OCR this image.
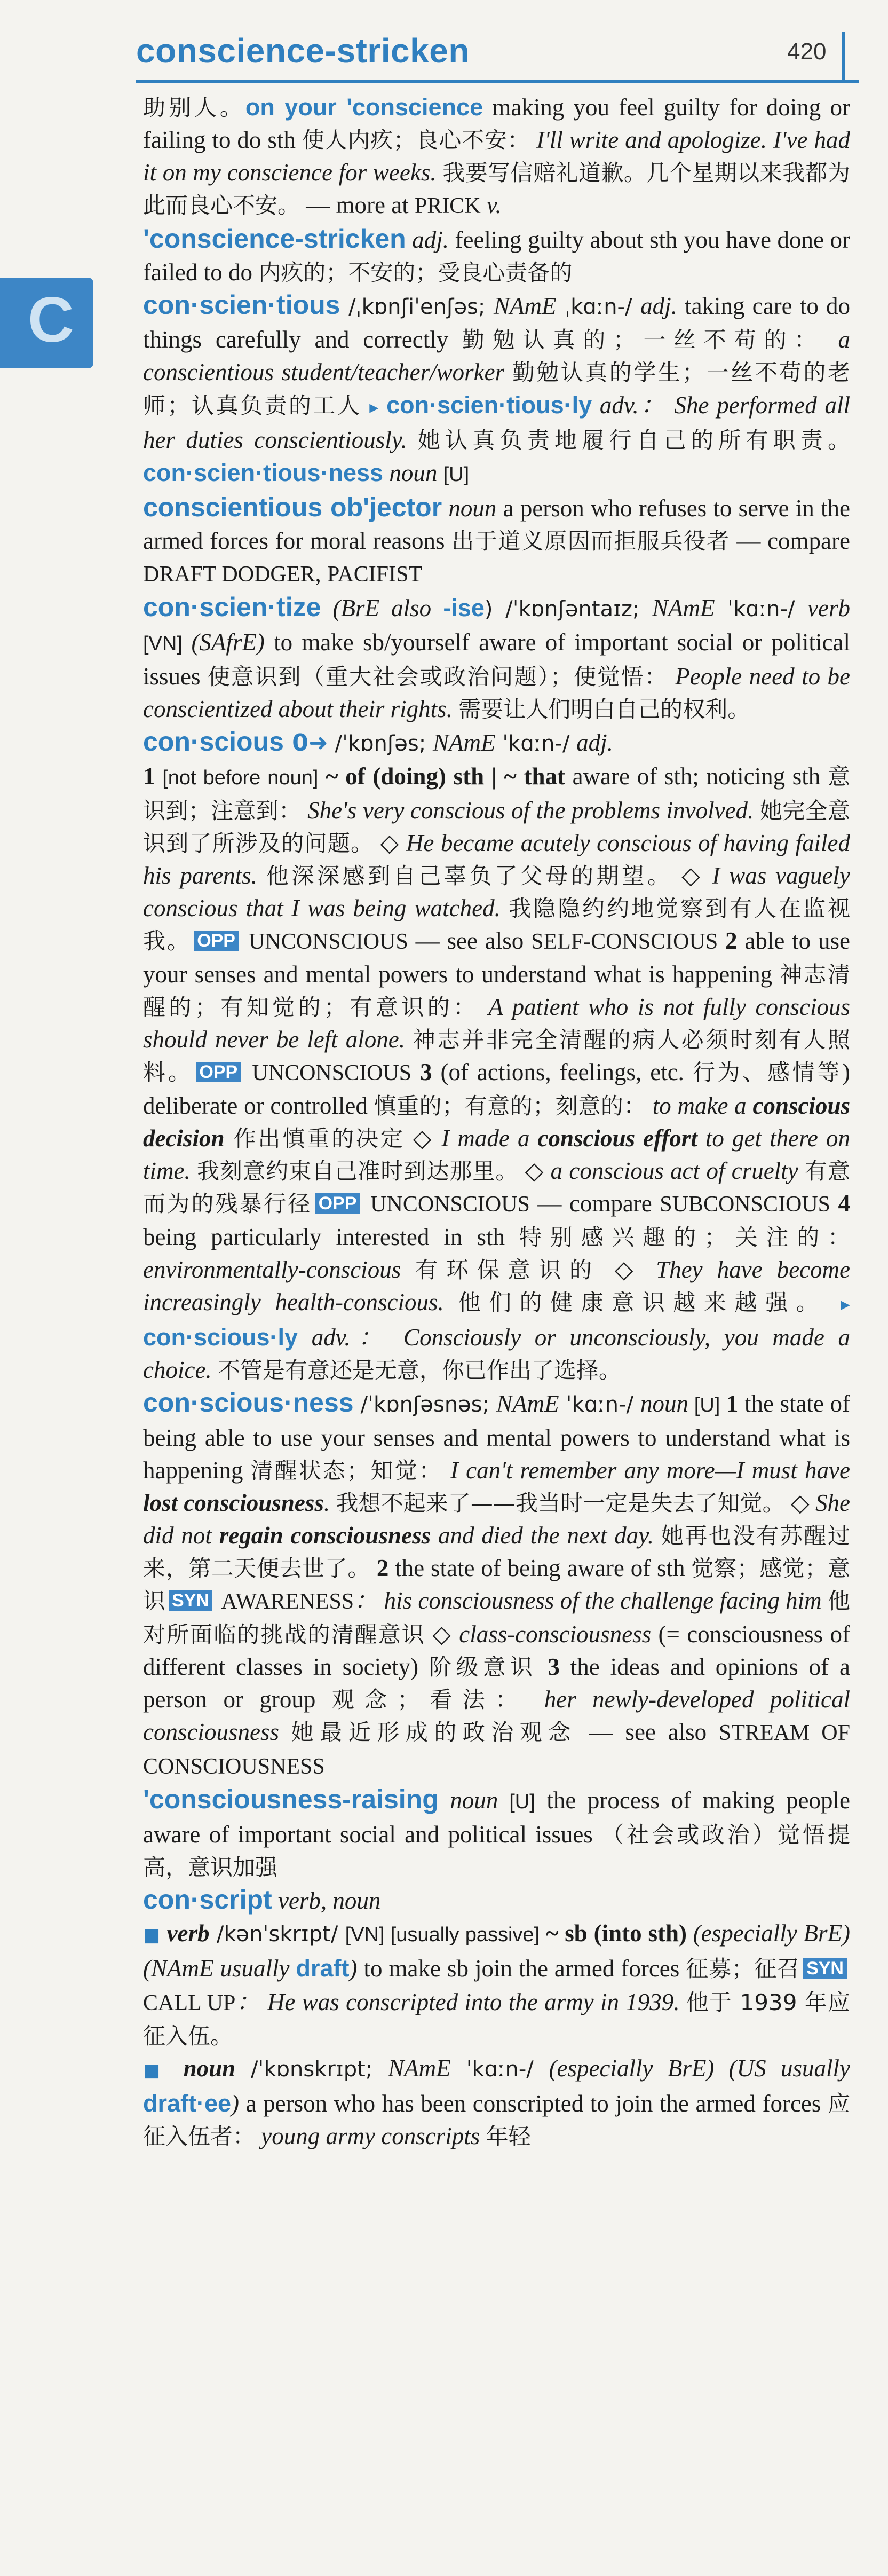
conscience-stricken	420
C

助别人。on your 'conscience making you feel guilty for doing or failing to do sth 使人内疚；良心不安： I'll write and apologize. I've had it on my conscience for weeks. 我要写信赔礼道歉。几个星期以来我都为此而良心不安。 — more at PRICK v.

'conscience-stricken adj. feeling guilty about sth you have done or failed to do 内疚的；不安的；受良心责备的

con·scien·tious /ˌkɒnʃiˈenʃəs; NAmE ˌkɑːn-/ adj. taking care to do things carefully and correctly 勤勉认真的；一丝不苟的： a conscientious student/teacher/worker 勤勉认真的学生；一丝不苟的老师；认真负责的工人 ▸ con·scien·tious·ly adv.： She performed all her duties conscientiously. 她认真负责地履行自己的所有职责。 con·scien·tious·ness noun [U]

conscientious ob'jector noun a person who refuses to serve in the armed forces for moral reasons 出于道义原因而拒服兵役者 — compare DRAFT DODGER, PACIFIST

con·scien·tize (BrE also -ise) /ˈkɒnʃəntaɪz; NAmE ˈkɑːn-/ verb [VN] (SAfrE) to make sb/yourself aware of important social or political issues 使意识到（重大社会或政治问题）；使觉悟： People need to be conscientized about their rights. 需要让人们明白自己的权利。

con·scious 0➜ /ˈkɒnʃəs; NAmE ˈkɑːn-/ adj.
1 [not before noun] ~ of (doing) sth | ~ that aware of sth; noticing sth 意识到；注意到： She's very conscious of the problems involved. 她完全意识到了所涉及的问题。 ◇ He became acutely conscious of having failed his parents. 他深深感到自己辜负了父母的期望。 ◇ I was vaguely conscious that I was being watched. 我隐隐约约地觉察到有人在监视我。 OPP UNCONSCIOUS — see also SELF-CONSCIOUS 2 able to use your senses and mental powers to understand what is happening 神志清醒的；有知觉的；有意识的： A patient who is not fully conscious should never be left alone. 神志并非完全清醒的病人必须时刻有人照料。 OPP UNCONSCIOUS 3 (of actions, feelings, etc. 行为、感情等) deliberate or controlled 慎重的；有意的；刻意的： to make a conscious decision 作出慎重的决定 ◇ I made a conscious effort to get there on time. 我刻意约束自己准时到达那里。 ◇ a conscious act of cruelty 有意而为的残暴行径 OPP UNCONSCIOUS — compare SUBCONSCIOUS 4 being particularly interested in sth 特别感兴趣的；关注的： environmentally-conscious 有环保意识的 ◇ They have become increasingly health-conscious. 他们的健康意识越来越强。 ▸ con·scious·ly adv.： Consciously or unconsciously, you made a choice. 不管是有意还是无意，你已作出了选择。

con·scious·ness /ˈkɒnʃəsnəs; NAmE ˈkɑːn-/ noun [U] 1 the state of being able to use your senses and mental powers to understand what is happening 清醒状态；知觉： I can't remember any more—I must have lost consciousness. 我想不起来了——我当时一定是失去了知觉。 ◇ She did not regain consciousness and died the next day. 她再也没有苏醒过来，第二天便去世了。 2 the state of being aware of sth 觉察；感觉；意识 SYN AWARENESS： his consciousness of the challenge facing him 他对所面临的挑战的清醒意识 ◇ class-consciousness (= consciousness of different classes in society) 阶级意识 3 the ideas and opinions of a person or group 观念；看法： her newly-developed political consciousness 她最近形成的政治观念 — see also STREAM OF CONSCIOUSNESS

'consciousness-raising noun [U] the process of making people aware of important social and political issues （社会或政治）觉悟提高，意识加强

con·script verb, noun
■ verb /kənˈskrɪpt/ [VN] [usually passive] ~ sb (into sth) (especially BrE) (NAmE usually draft) to make sb join the armed forces 征募；征召 SYN CALL UP： He was conscripted into the army in 1939. 他于 1939 年应征入伍。
■ noun /ˈkɒnskrɪpt; NAmE ˈkɑːn-/ (especially BrE) (US usually draft·ee) a person who has been conscripted to join the armed forces 应征入伍者： young army conscripts 年轻
